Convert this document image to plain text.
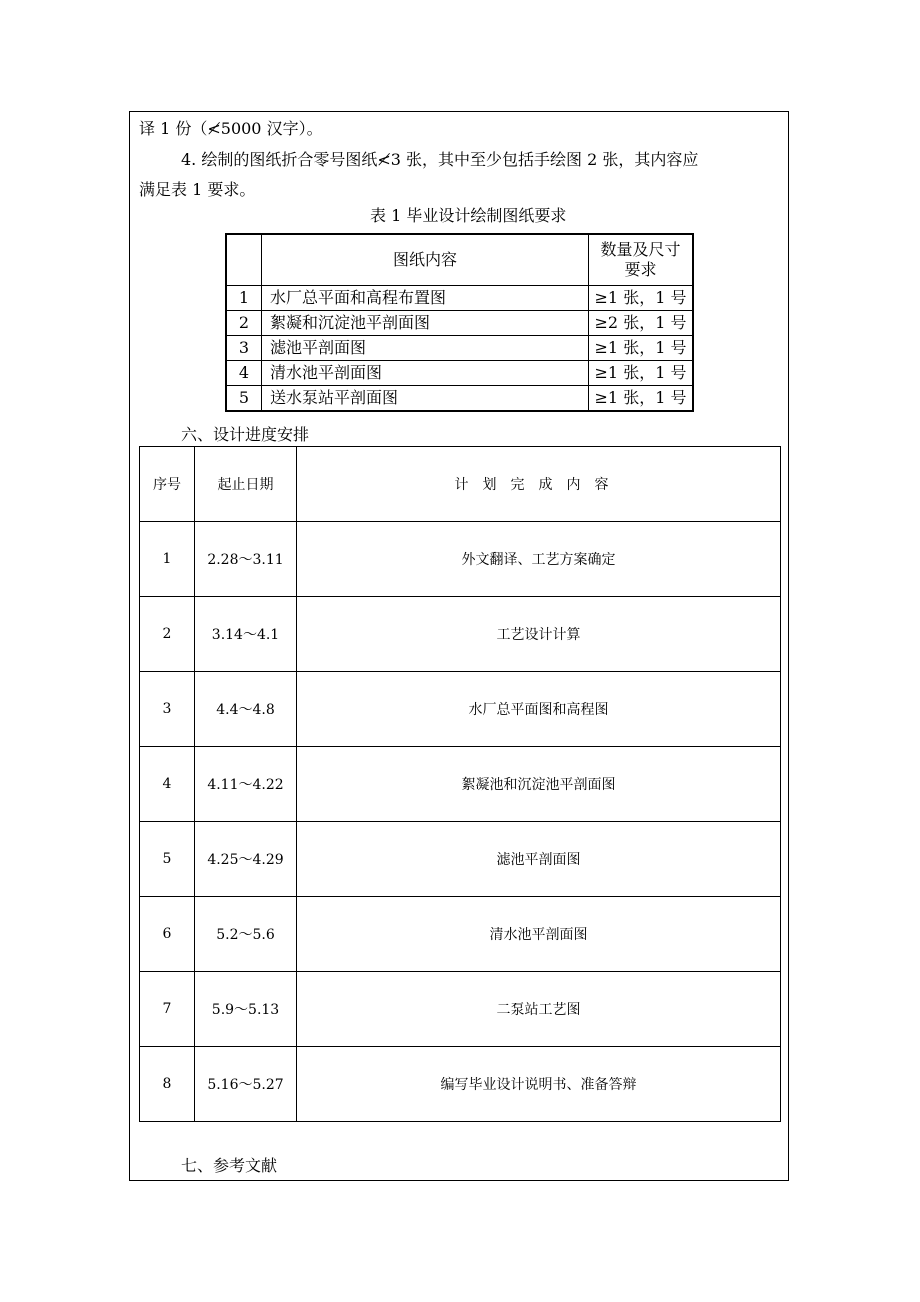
译 1 份（≮5000 汉字）。
4. 绘制的图纸折合零号图纸≮3 张，其中至少包括手绘图 2 张，其内容应
满足表 1 要求。
表 1 毕业设计绘制图纸要求
	图纸内容	数量及尺寸
要求

1	水厂总平面和高程布置图	≥1 张，1 号
2	絮凝和沉淀池平剖面图	≥2 张，1 号
3	滤池平剖面图	≥1 张，1 号
4	清水池平剖面图	≥1 张，1 号
5	送水泵站平剖面图	≥1 张，1 号
六、设计进度安排
序号	起止日期	计划完成内容
1	2.28～3.11	外文翻译、工艺方案确定
2	3.14～4.1	工艺设计计算
3	4.4～4.8	水厂总平面图和高程图
4	4.11～4.22	絮凝池和沉淀池平剖面图
5	4.25～4.29	滤池平剖面图
6	5.2～5.6	清水池平剖面图
7	5.9～5.13	二泵站工艺图
8	5.16～5.27	编写毕业设计说明书、准备答辩
七、参考文献
